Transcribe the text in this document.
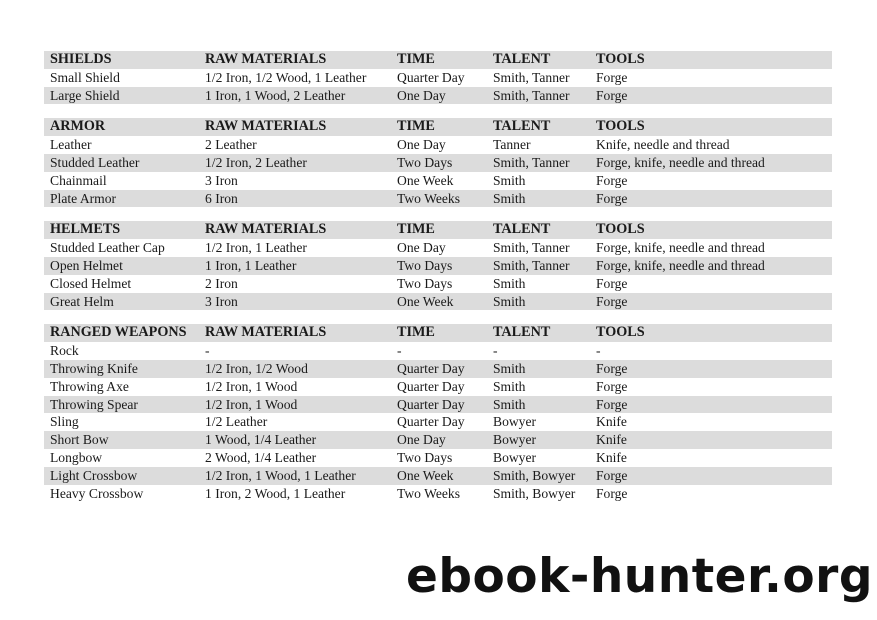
SHIELDS	RAW MATERIALS	TIME	TALENT	TOOLS
Small Shield	1/2 Iron, 1/2 Wood, 1 Leather	Quarter Day	Smith, Tanner	Forge
Large Shield	1 Iron, 1 Wood, 2 Leather	One Day	Smith, Tanner	Forge
ARMOR	RAW MATERIALS	TIME	TALENT	TOOLS
Leather	2 Leather	One Day	Tanner	Knife, needle and thread
Studded Leather	1/2 Iron, 2 Leather	Two Days	Smith, Tanner	Forge, knife, needle and thread
Chainmail	3 Iron	One Week	Smith	Forge
Plate Armor	6 Iron	Two Weeks	Smith	Forge
HELMETS	RAW MATERIALS	TIME	TALENT	TOOLS
Studded Leather Cap	1/2 Iron, 1 Leather	One Day	Smith, Tanner	Forge, knife, needle and thread
Open Helmet	1 Iron, 1 Leather	Two Days	Smith, Tanner	Forge, knife, needle and thread
Closed Helmet	2 Iron	Two Days	Smith	Forge
Great Helm	3 Iron	One Week	Smith	Forge
RANGED WEAPONS	RAW MATERIALS	TIME	TALENT	TOOLS
Rock	-	-	-	-
Throwing Knife	1/2 Iron, 1/2 Wood	Quarter Day	Smith	Forge
Throwing Axe	1/2 Iron, 1 Wood	Quarter Day	Smith	Forge
Throwing Spear	1/2 Iron, 1 Wood	Quarter Day	Smith	Forge
Sling	1/2 Leather	Quarter Day	Bowyer	Knife
Short Bow	1 Wood, 1/4 Leather	One Day	Bowyer	Knife
Longbow	2 Wood, 1/4 Leather	Two Days	Bowyer	Knife
Light Crossbow	1/2 Iron, 1 Wood, 1 Leather	One Week	Smith, Bowyer	Forge
Heavy Crossbow	1 Iron, 2 Wood, 1 Leather	Two Weeks	Smith, Bowyer	Forge
ebook-hunter.org
